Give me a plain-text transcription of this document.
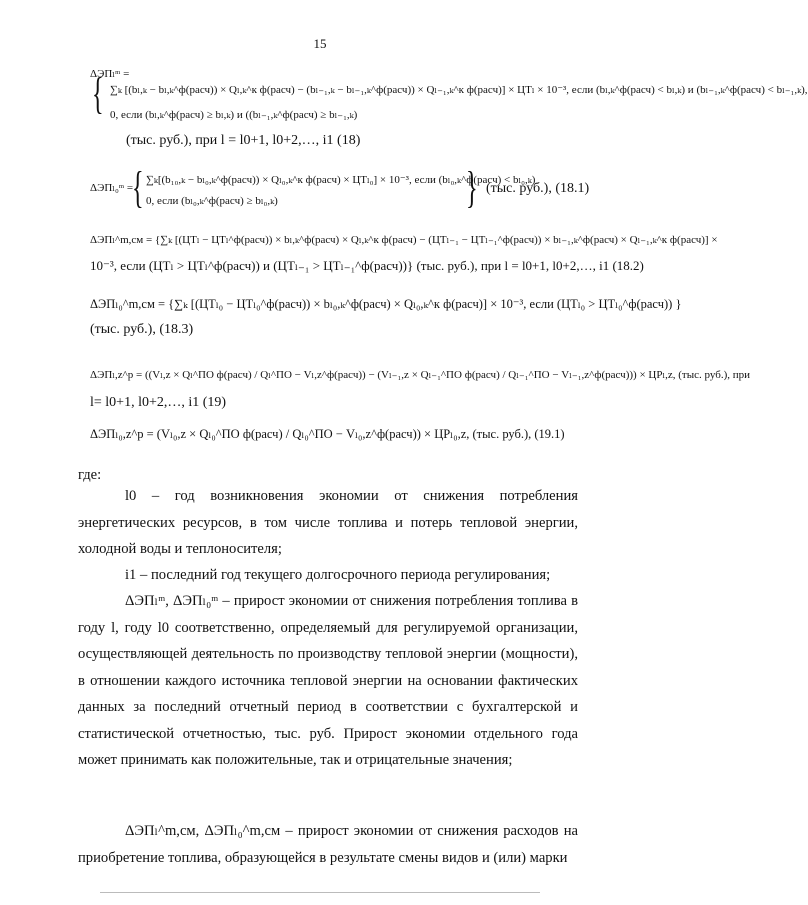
15
ΔЭΠₗᵐ =
{ ∑ₖ [(bₗ,ₖ − bₗ,ₖ^ф(расч)) × Qₗ,ₖ^к ф(расч) − (bₗ₋₁,ₖ − bₗ₋₁,ₖ^ф(расч)) × Qₗ₋₁,ₖ^к ф(расч)] × ЦТₗ × 10⁻³, если (bₗ,ₖ^ф(расч) < bₗ,ₖ) и (bₗ₋₁,ₖ^ф(расч) < bₗ₋₁,ₖ),
0, если (bₗ,ₖ^ф(расч) ≥ bₗ,ₖ) и ((bₗ₋₁,ₖ^ф(расч) ≥ bₗ₋₁,ₖ)
(тыс. руб.), при l = l0+1, l0+2,…, i1 (18)
ΔЭΠₗ₀ᵐ =
{ ∑ₖ[(b₁₀,ₖ − bₗ₀,ₖ^ф(расч)) × Qₗ₀,ₖ^к ф(расч) × ЦТₗ₀] × 10⁻³, если (bₗ₀,ₖ^ф(расч) < bₗ₀,ₖ)
0, если (bₗ₀,ₖ^ф(расч) ≥ bₗ₀,ₖ)	} (тыс. руб.), (18.1)
ΔЭΠₗ^m,см = {∑ₖ [(ЦТₗ − ЦТₗ^ф(расч)) × bₗ,ₖ^ф(расч) × Qₗ,ₖ^к ф(расч) − (ЦТₗ₋₁ − ЦТₗ₋₁^ф(расч)) × bₗ₋₁,ₖ^ф(расч) × Qₗ₋₁,ₖ^к ф(расч)] ×
10⁻³, если (ЦТₗ > ЦТₗ^ф(расч)) и (ЦТₗ₋₁ > ЦТₗ₋₁^ф(расч))} (тыс. руб.), при l = l0+1, l0+2,…, i1 (18.2)
ΔЭΠₗ₀^m,см = {∑ₖ [(ЦТₗ₀ − ЦТₗ₀^ф(расч)) × bₗ₀,ₖ^ф(расч) × Qₗ₀,ₖ^к ф(расч)] × 10⁻³, если (ЦТₗ₀ > ЦТₗ₀^ф(расч)) }
(тыс. руб.), (18.3)
ΔЭΠₗ,z^р = ((Vₗ,z × Qₗ^ПО ф(расч) / Qₗ^ПО − Vₗ,z^ф(расч)) − (Vₗ₋₁,z × Qₗ₋₁^ПО ф(расч) / Qₗ₋₁^ПО − Vₗ₋₁,z^ф(расч))) × ЦРₗ,z, (тыс. руб.), при
l= l0+1, l0+2,…, i1 (19)
ΔЭΠₗ₀,z^р = (Vₗ₀,z × Qₗ₀^ПО ф(расч) / Qₗ₀^ПО − Vₗ₀,z^ф(расч)) × ЦРₗ₀,z, (тыс. руб.), (19.1)
где:
l0 – год возникновения экономии от снижения потребления энергетических ресурсов, в том числе топлива и потерь тепловой энергии, холодной воды и теплоносителя;
i1 – последний год текущего долгосрочного периода регулирования;
ΔЭΠₗᵐ, ΔЭΠₗ₀ᵐ – прирост экономии от снижения потребления топлива в году l, году l0 соответственно, определяемый для регулируемой организации, осуществляющей деятельность по производству тепловой энергии (мощности), в отношении каждого источника тепловой энергии на основании фактических данных за последний отчетный период в соответствии с бухгалтерской и статистической отчетностью, тыс. руб. Прирост экономии отдельного года может принимать как положительные, так и отрицательные значения;
ΔЭΠₗ^m,см, ΔЭΠₗ₀^m,см – прирост экономии от снижения расходов на приобретение топлива, образующейся в результате смены видов и (или) марки
